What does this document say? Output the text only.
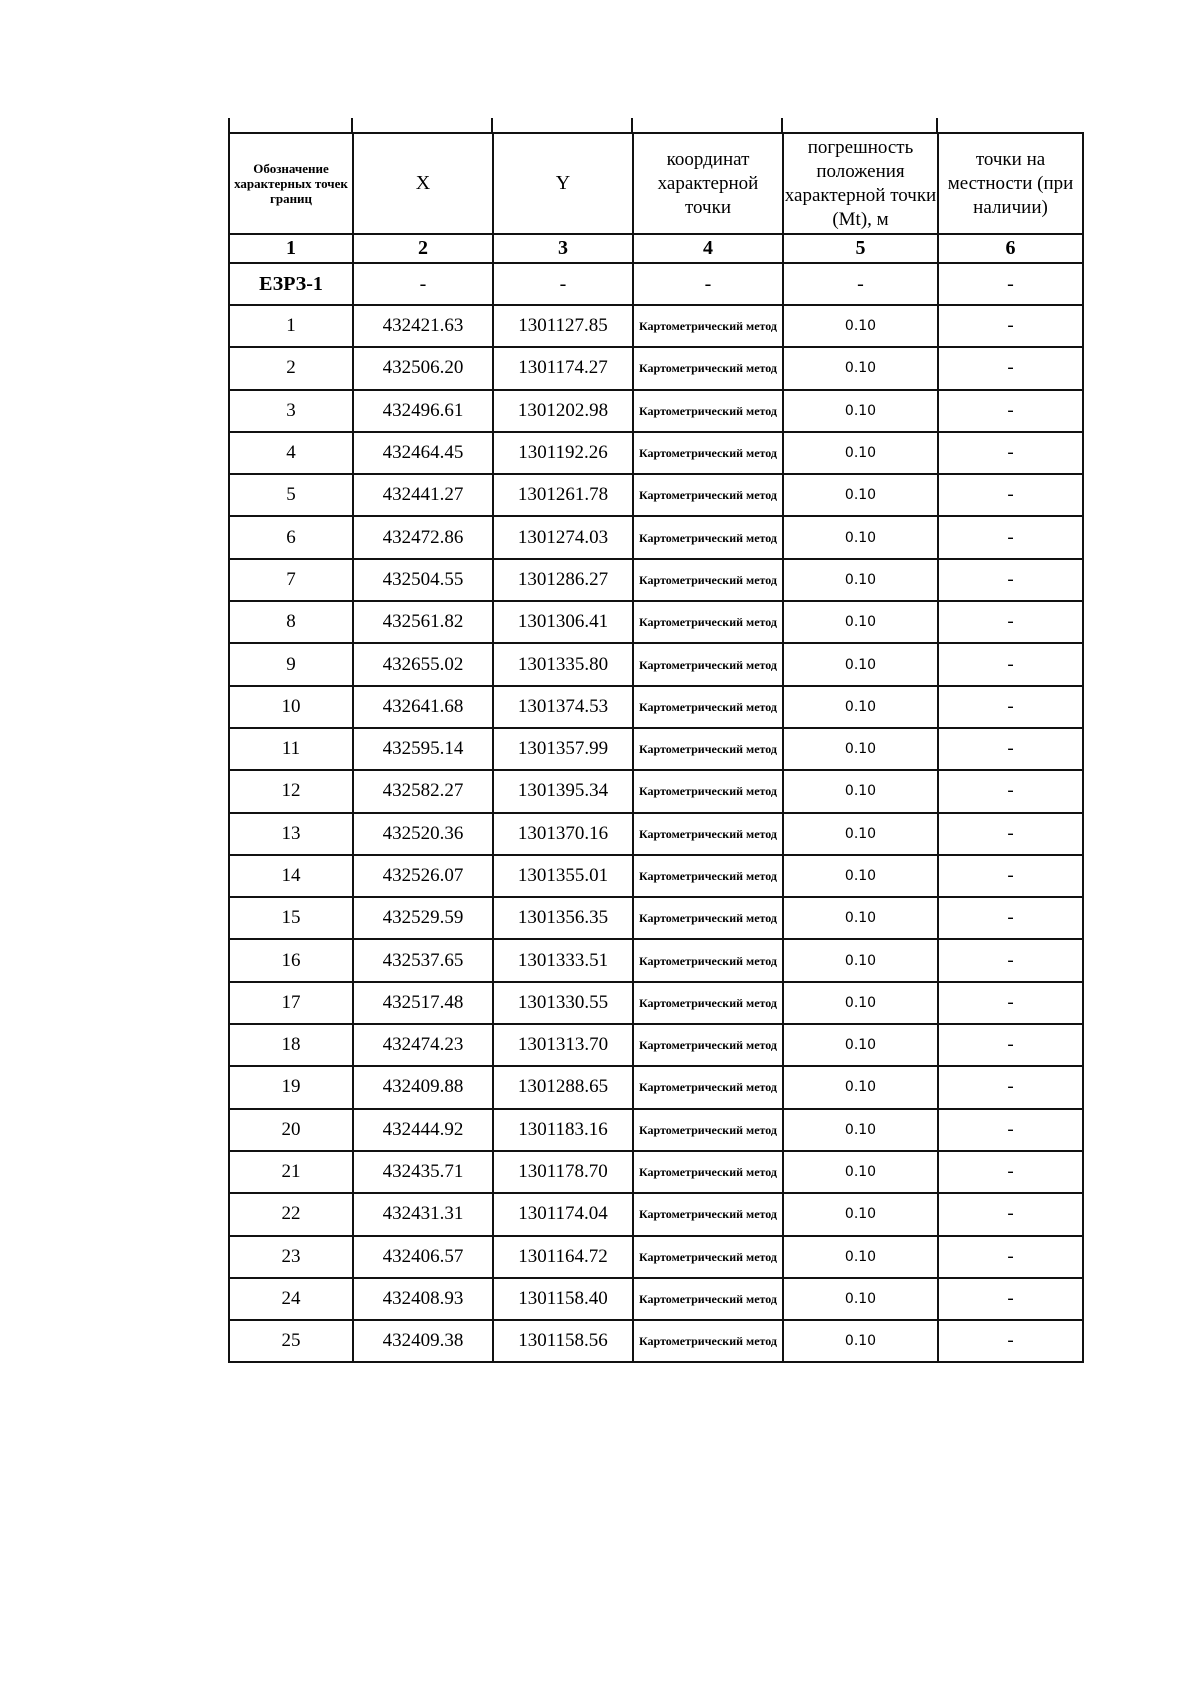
Обозначение характерных точек границ	X	Y	координат характерной точки	погрешность положения характерной точки (Mt), м	точки на местности (при наличии)
1	2	3	4	5	6
ЕЗРЗ-1	-	-	-	-	-
1	432421.63	1301127.85	Картометрический метод	0.10	-
2	432506.20	1301174.27	Картометрический метод	0.10	-
3	432496.61	1301202.98	Картометрический метод	0.10	-
4	432464.45	1301192.26	Картометрический метод	0.10	-
5	432441.27	1301261.78	Картометрический метод	0.10	-
6	432472.86	1301274.03	Картометрический метод	0.10	-
7	432504.55	1301286.27	Картометрический метод	0.10	-
8	432561.82	1301306.41	Картометрический метод	0.10	-
9	432655.02	1301335.80	Картометрический метод	0.10	-
10	432641.68	1301374.53	Картометрический метод	0.10	-
11	432595.14	1301357.99	Картометрический метод	0.10	-
12	432582.27	1301395.34	Картометрический метод	0.10	-
13	432520.36	1301370.16	Картометрический метод	0.10	-
14	432526.07	1301355.01	Картометрический метод	0.10	-
15	432529.59	1301356.35	Картометрический метод	0.10	-
16	432537.65	1301333.51	Картометрический метод	0.10	-
17	432517.48	1301330.55	Картометрический метод	0.10	-
18	432474.23	1301313.70	Картометрический метод	0.10	-
19	432409.88	1301288.65	Картометрический метод	0.10	-
20	432444.92	1301183.16	Картометрический метод	0.10	-
21	432435.71	1301178.70	Картометрический метод	0.10	-
22	432431.31	1301174.04	Картометрический метод	0.10	-
23	432406.57	1301164.72	Картометрический метод	0.10	-
24	432408.93	1301158.40	Картометрический метод	0.10	-
25	432409.38	1301158.56	Картометрический метод	0.10	-
